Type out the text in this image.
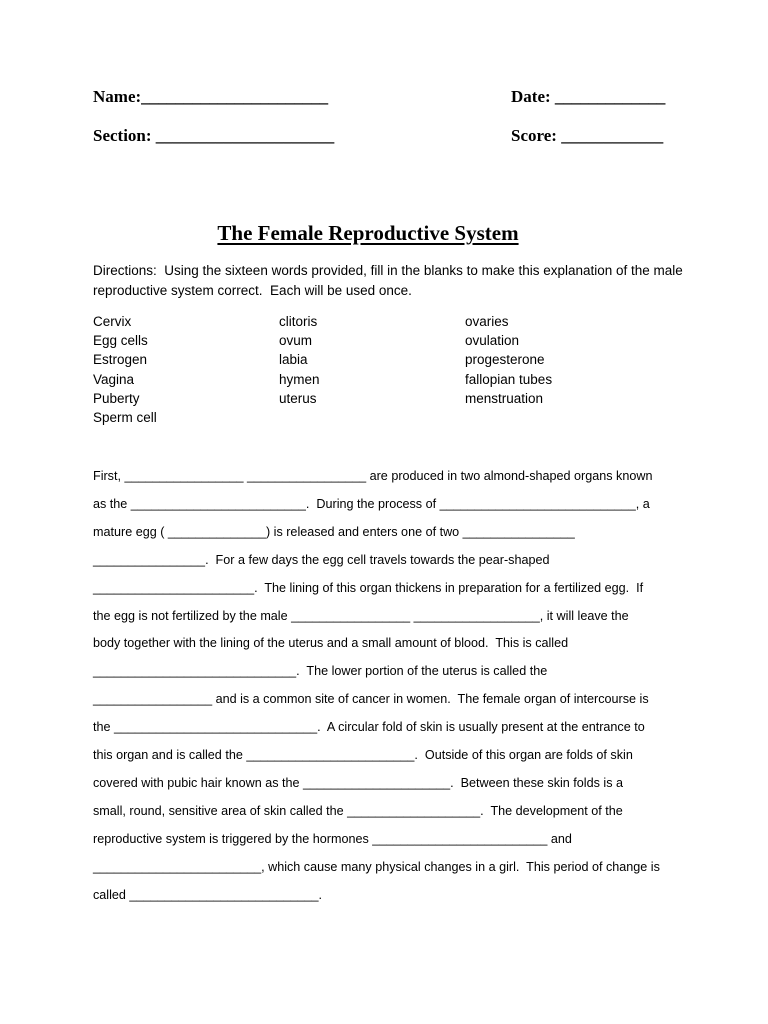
Name:______________________	Date: _____________
Section: _____________________	Score: ____________
The Female Reproductive System
Directions:  Using the sixteen words provided, fill in the blanks to make this explanation of the male
reproductive system correct.  Each will be used once.
Cervix
Egg cells
Estrogen
Vagina
Puberty
Sperm cell
clitoris
ovum
labia
hymen
uterus
ovaries
ovulation
progesterone
fallopian tubes
menstruation
First, _________________ _________________ are produced in two almond-shaped organs known
as the _________________________.  During the process of ____________________________, a
mature egg ( ______________) is released and enters one of two ________________
________________.  For a few days the egg cell travels towards the pear-shaped
_______________________.  The lining of this organ thickens in preparation for a fertilized egg.  If
the egg is not fertilized by the male _________________ __________________, it will leave the
body together with the lining of the uterus and a small amount of blood.  This is called
_____________________________.  The lower portion of the uterus is called the
_________________ and is a common site of cancer in women.  The female organ of intercourse is
the _____________________________.  A circular fold of skin is usually present at the entrance to
this organ and is called the ________________________.  Outside of this organ are folds of skin
covered with pubic hair known as the _____________________.  Between these skin folds is a
small, round, sensitive area of skin called the ___________________.  The development of the
reproductive system is triggered by the hormones _________________________ and
________________________, which cause many physical changes in a girl.  This period of change is
called ___________________________.
